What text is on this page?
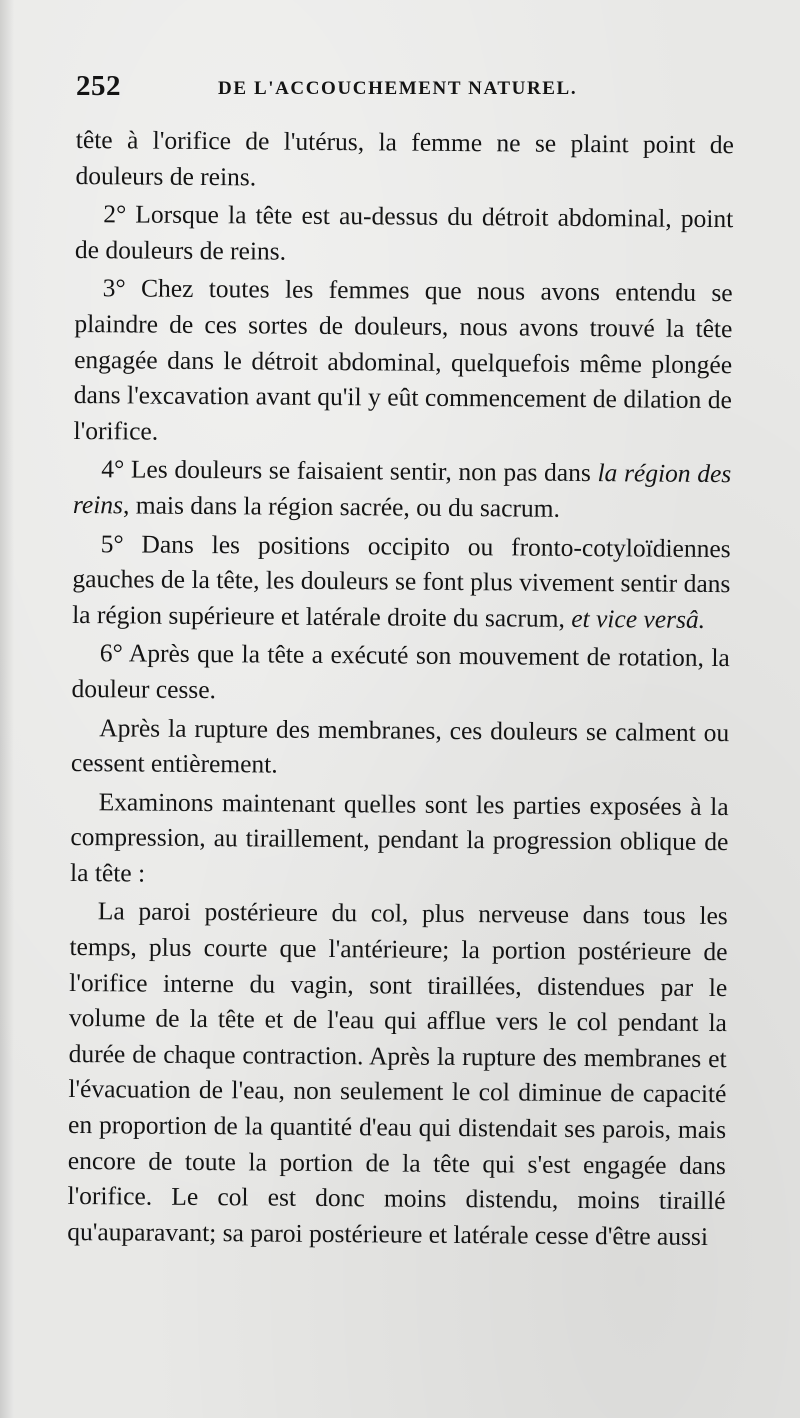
252	DE L'ACCOUCHEMENT NATUREL.

tête à l'orifice de l'utérus, la femme ne se plaint point de douleurs de reins.

2° Lorsque la tête est au-dessus du détroit abdominal, point de douleurs de reins.

3° Chez toutes les femmes que nous avons entendu se plaindre de ces sortes de douleurs, nous avons trouvé la tête engagée dans le détroit abdominal, quelquefois même plongée dans l'excavation avant qu'il y eût commencement de dilation de l'orifice.

4° Les douleurs se faisaient sentir, non pas dans la région des reins, mais dans la région sacrée, ou du sacrum.

5° Dans les positions occipito ou fronto-cotyloïdiennes gauches de la tête, les douleurs se font plus vivement sentir dans la région supérieure et latérale droite du sacrum, et vice versâ.

6° Après que la tête a exécuté son mouvement de rotation, la douleur cesse.

Après la rupture des membranes, ces douleurs se calment ou cessent entièrement.

Examinons maintenant quelles sont les parties exposées à la compression, au tiraillement, pendant la progression oblique de la tête :

La paroi postérieure du col, plus nerveuse dans tous les temps, plus courte que l'antérieure; la portion postérieure de l'orifice interne du vagin, sont tiraillées, distendues par le volume de la tête et de l'eau qui afflue vers le col pendant la durée de chaque contraction. Après la rupture des membranes et l'évacuation de l'eau, non seulement le col diminue de capacité en proportion de la quantité d'eau qui distendait ses parois, mais encore de toute la portion de la tête qui s'est engagée dans l'orifice. Le col est donc moins distendu, moins tiraillé qu'auparavant; sa paroi postérieure et latérale cesse d'être aussi
